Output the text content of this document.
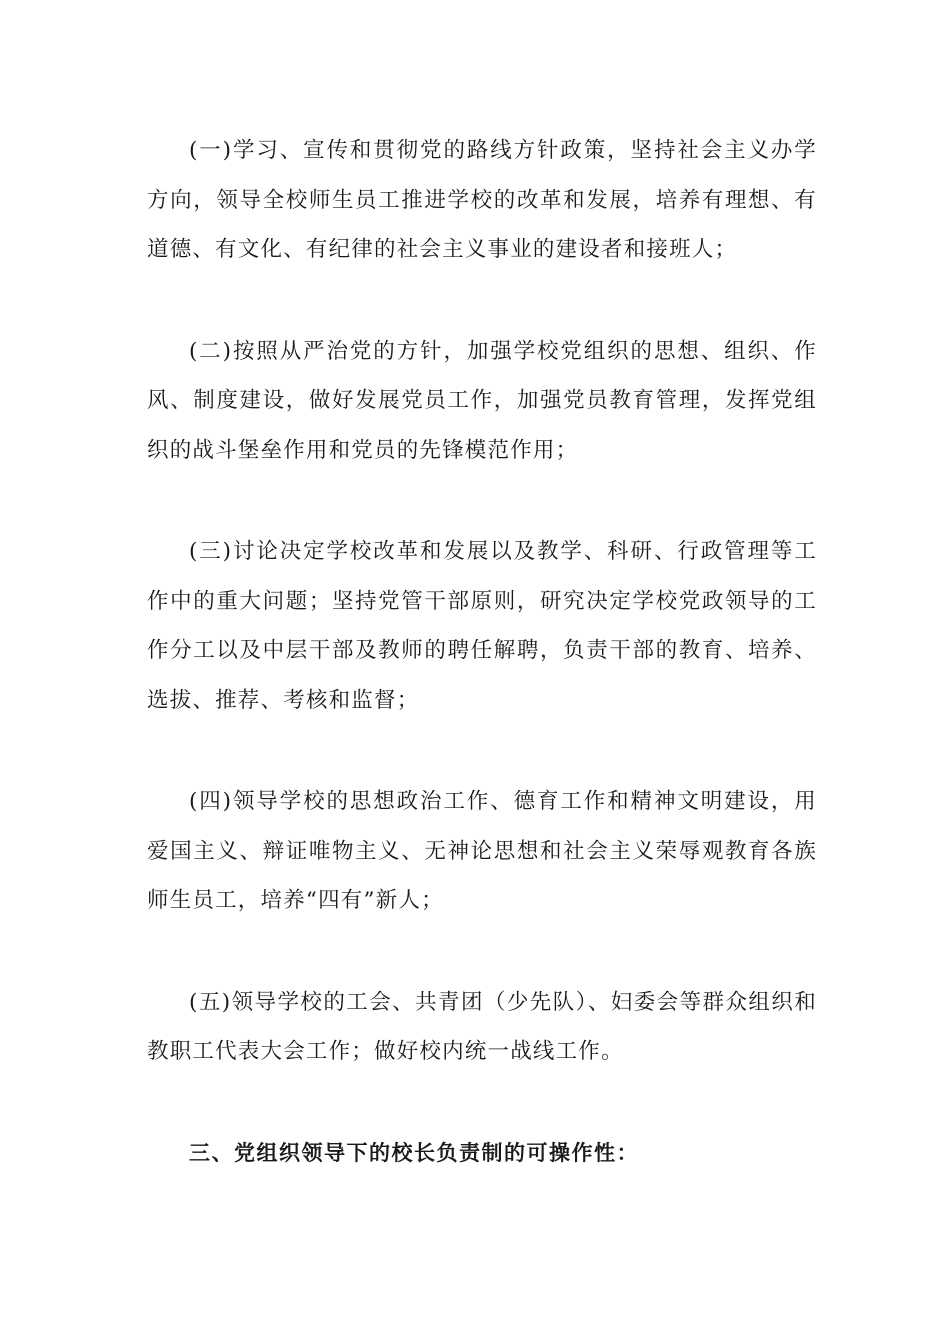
(一)学习、宣传和贯彻党的路线方针政策，坚持社会主义办学方向，领导全校师生员工推进学校的改革和发展，培养有理想、有道德、有文化、有纪律的社会主义事业的建设者和接班人；

(二)按照从严治党的方针，加强学校党组织的思想、组织、作风、制度建设，做好发展党员工作，加强党员教育管理，发挥党组织的战斗堡垒作用和党员的先锋模范作用；

(三)讨论决定学校改革和发展以及教学、科研、行政管理等工作中的重大问题；坚持党管干部原则，研究决定学校党政领导的工作分工以及中层干部及教师的聘任解聘，负责干部的教育、培养、选拔、推荐、考核和监督；

(四)领导学校的思想政治工作、德育工作和精神文明建设，用爱国主义、辩证唯物主义、无神论思想和社会主义荣辱观教育各族师生员工，培养“四有”新人；

(五)领导学校的工会、共青团（少先队）、妇委会等群众组织和教职工代表大会工作；做好校内统一战线工作。

三、党组织领导下的校长负责制的可操作性：
